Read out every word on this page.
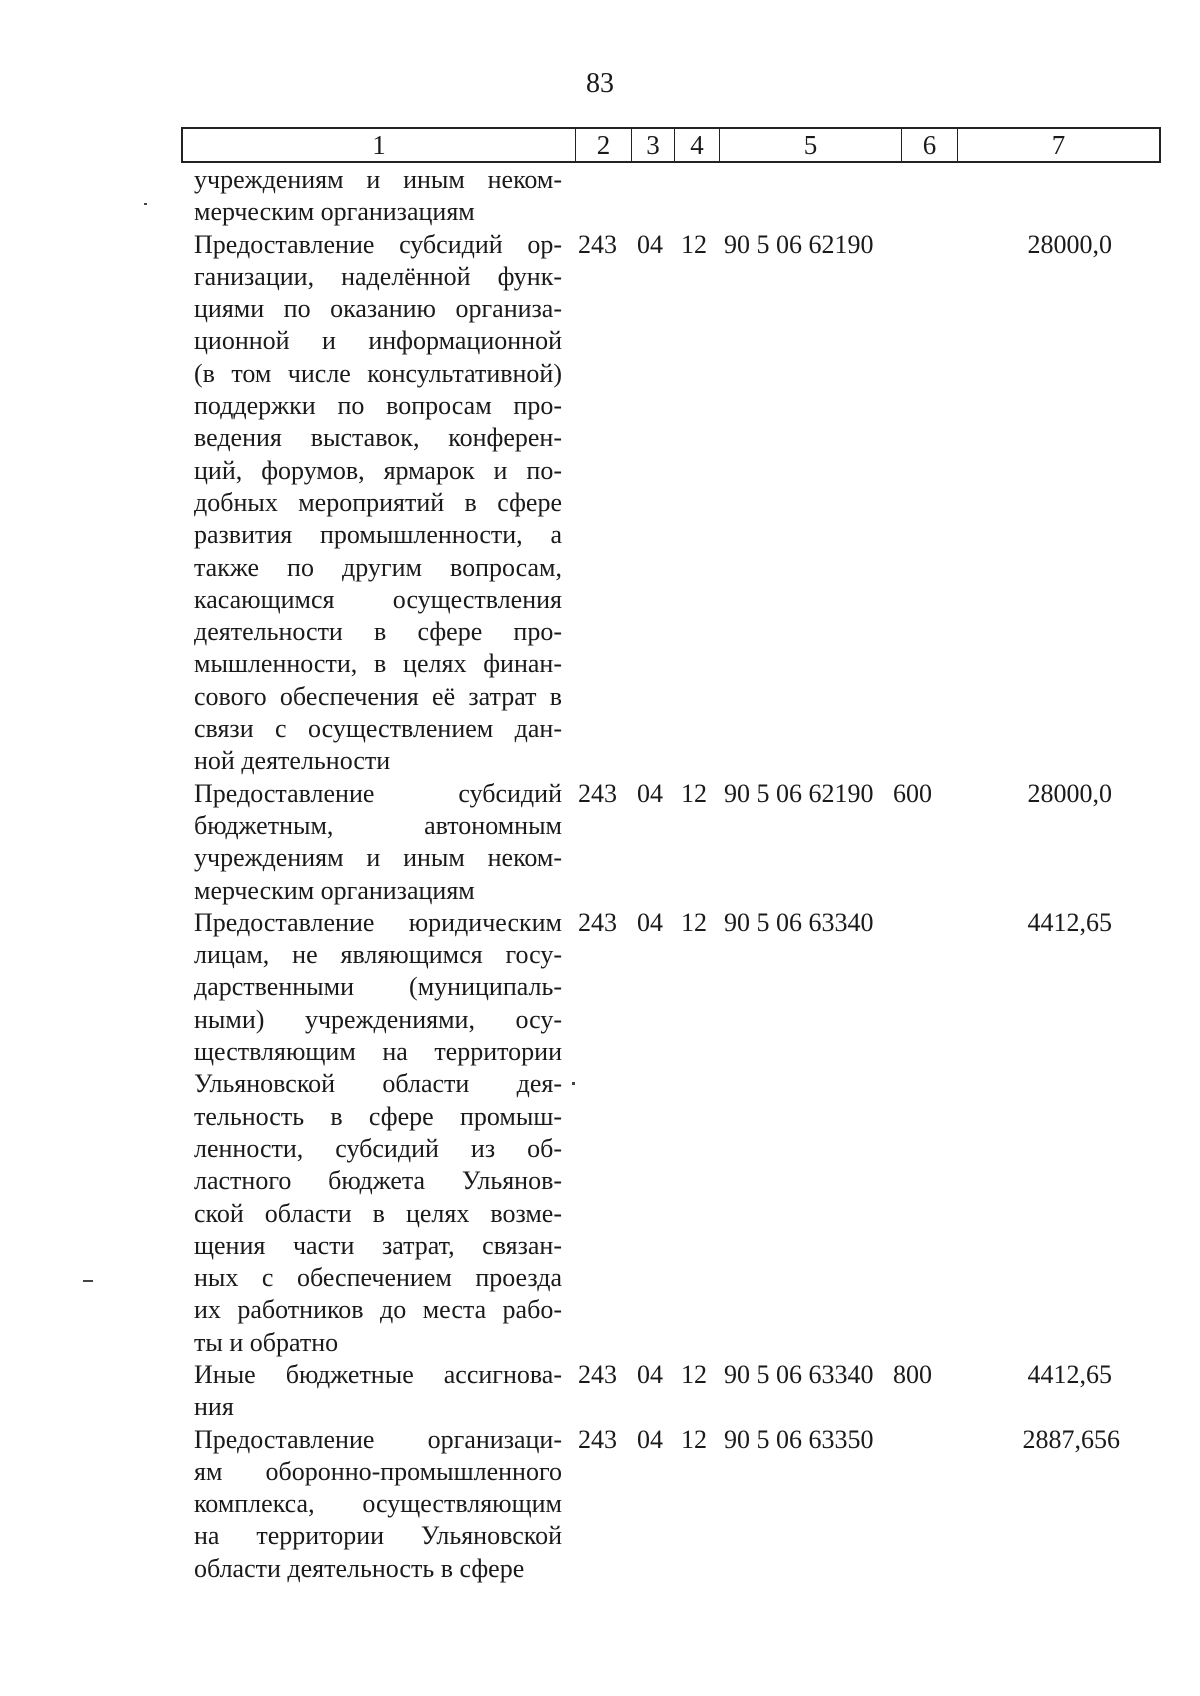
83
1	2	3	4	5	6	7
учреждениям и иным неком-
мерческим организациям
Предоставление субсидий ор-
ганизации, наделённой функ-
циями по оказанию организа-
ционной и информационной
(в том числе консультативной)
поддержки по вопросам про-
ведения выставок, конферен-
ций, форумов, ярмарок и по-
добных мероприятий в сфере
развития промышленности, а
также по другим вопросам,
касающимся осуществления
деятельности в сфере про-
мышленности, в целях финан-
сового обеспечения её затрат в
связи с осуществлением дан-
ной деятельности
243 04 12 90 5 06 62190	28000,0
Предоставление субсидий
бюджетным, автономным
учреждениям и иным неком-
мерческим организациям
243 04 12 90 5 06 62190 600	28000,0
Предоставление юридическим
лицам, не являющимся госу-
дарственными (муниципаль-
ными) учреждениями, осу-
ществляющим на территории
Ульяновской области дея-
тельность в сфере промыш-
ленности, субсидий из об-
ластного бюджета Ульянов-
ской области в целях возме-
щения части затрат, связан-
ных с обеспечением проезда
их работников до места рабо-
ты и обратно
243 04 12 90 5 06 63340	4412,65
Иные бюджетные ассигнова-
ния
243 04 12 90 5 06 63340 800	4412,65
Предоставление организаци-
ям оборонно-промышленного
комплекса, осуществляющим
на территории Ульяновской
области деятельность в сфере
243 04 12 90 5 06 63350	2887,656
